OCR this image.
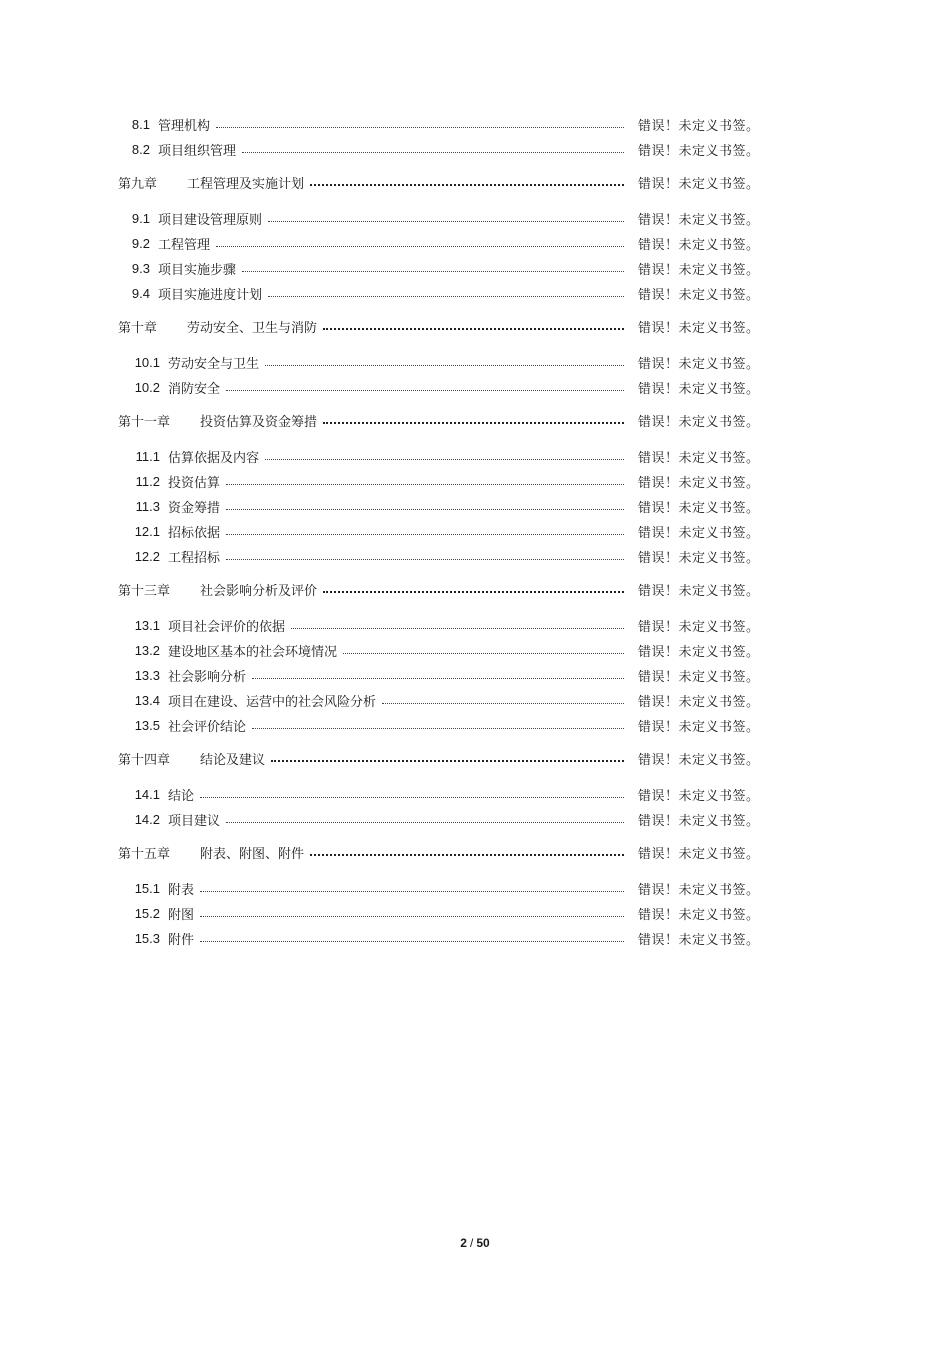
8.1 管理机构	错误！未定义书签。
8.2 项目组织管理	错误！未定义书签。
第九章	工程管理及实施计划	错误！未定义书签。
9.1 项目建设管理原则	错误！未定义书签。
9.2 工程管理	错误！未定义书签。
9.3 项目实施步骤	错误！未定义书签。
9.4 项目实施进度计划	错误！未定义书签。
第十章	劳动安全、卫生与消防	错误！未定义书签。
10.1 劳动安全与卫生	错误！未定义书签。
10.2 消防安全	错误！未定义书签。
第十一章	投资估算及资金筹措	错误！未定义书签。
11.1 估算依据及内容	错误！未定义书签。
11.2 投资估算	错误！未定义书签。
11.3 资金筹措	错误！未定义书签。
12.1 招标依据	错误！未定义书签。
12.2 工程招标	错误！未定义书签。
第十三章	社会影响分析及评价	错误！未定义书签。
13.1 项目社会评价的依据	错误！未定义书签。
13.2 建设地区基本的社会环境情况	错误！未定义书签。
13.3 社会影响分析	错误！未定义书签。
13.4 项目在建设、运营中的社会风险分析	错误！未定义书签。
13.5 社会评价结论	错误！未定义书签。
第十四章	结论及建议	错误！未定义书签。
14.1 结论	错误！未定义书签。
14.2 项目建议	错误！未定义书签。
第十五章	附表、附图、附件	错误！未定义书签。
15.1 附表	错误！未定义书签。
15.2 附图	错误！未定义书签。
15.3 附件	错误！未定义书签。
2 / 50
